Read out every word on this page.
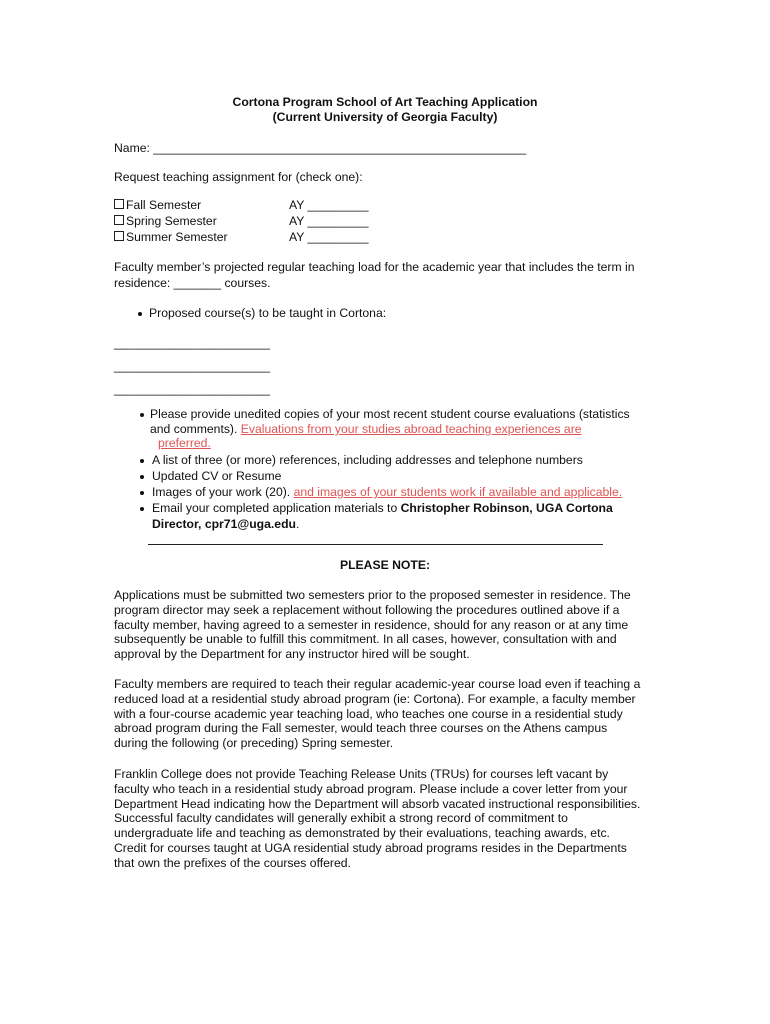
Cortona Program School of Art Teaching Application
(Current University of Georgia Faculty)
Name: _______________________________________________________
Request teaching assignment for (check one):
Fall Semester	AY _________
Spring Semester	AY _________
Summer Semester	AY _________
Faculty member’s projected regular teaching load for the academic year that includes the term in
residence: _______ courses.
Proposed course(s) to be taught in Cortona:
_______________________
_______________________
_______________________
Please provide unedited copies of your most recent student course evaluations (statistics
and comments). Evaluations from your studies abroad teaching experiences are
preferred.
A list of three (or more) references, including addresses and telephone numbers
Updated CV or Resume
Images of your work (20). and images of your students work if available and applicable.
Email your completed application materials to Christopher Robinson, UGA Cortona
Director, cpr71@uga.edu.
PLEASE NOTE:
Applications must be submitted two semesters prior to the proposed semester in residence. The
program director may seek a replacement without following the procedures outlined above if a
faculty member, having agreed to a semester in residence, should for any reason or at any time
subsequently be unable to fulfill this commitment. In all cases, however, consultation with and
approval by the Department for any instructor hired will be sought.
Faculty members are required to teach their regular academic-year course load even if teaching a
reduced load at a residential study abroad program (ie: Cortona). For example, a faculty member
with a four-course academic year teaching load, who teaches one course in a residential study
abroad program during the Fall semester, would teach three courses on the Athens campus
during the following (or preceding) Spring semester.
Franklin College does not provide Teaching Release Units (TRUs) for courses left vacant by
faculty who teach in a residential study abroad program. Please include a cover letter from your
Department Head indicating how the Department will absorb vacated instructional responsibilities.
Successful faculty candidates will generally exhibit a strong record of commitment to
undergraduate life and teaching as demonstrated by their evaluations, teaching awards, etc.
Credit for courses taught at UGA residential study abroad programs resides in the Departments
that own the prefixes of the courses offered.
